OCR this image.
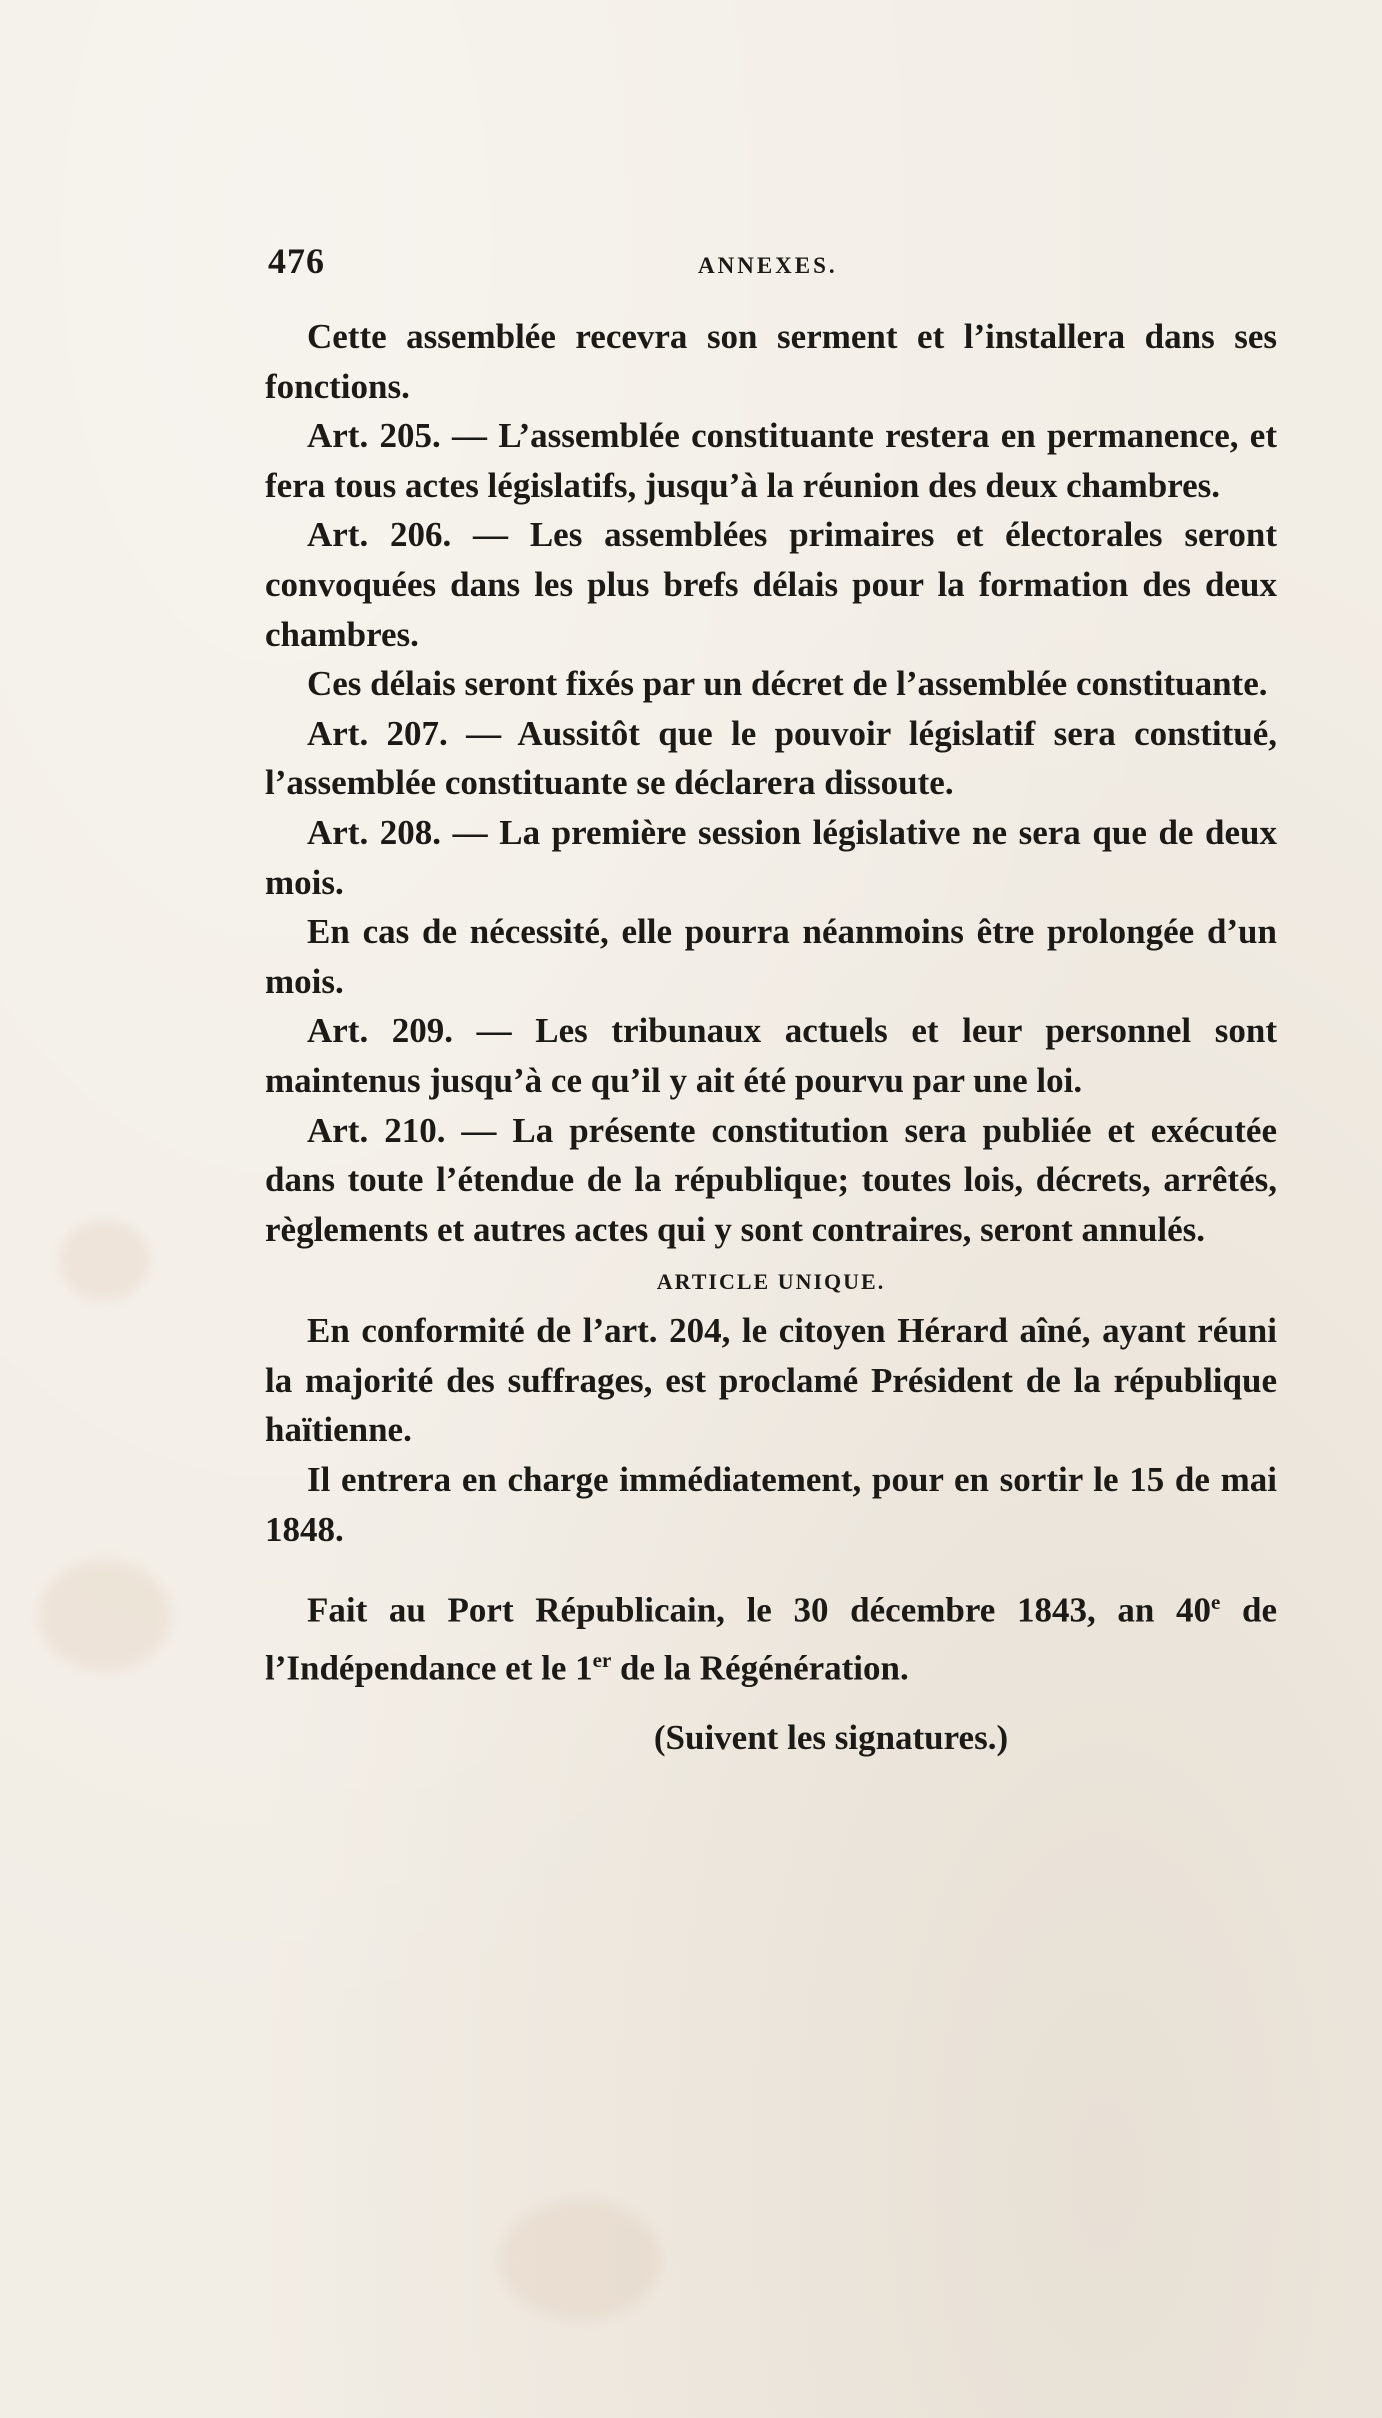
476	ANNEXES.

Cette assemblée recevra son serment et l’installera dans ses fonctions.

Art. 205. — L’assemblée constituante restera en permanence, et fera tous actes législatifs, jusqu’à la réunion des deux chambres.

Art. 206. — Les assemblées primaires et électorales seront convoquées dans les plus brefs délais pour la formation des deux chambres.

Ces délais seront fixés par un décret de l’assemblée constituante.

Art. 207. — Aussitôt que le pouvoir législatif sera constitué, l’assemblée constituante se déclarera dissoute.

Art. 208. — La première session législative ne sera que de deux mois.

En cas de nécessité, elle pourra néanmoins être prolongée d’un mois.

Art. 209. — Les tribunaux actuels et leur personnel sont maintenus jusqu’à ce qu’il y ait été pourvu par une loi.

Art. 210. — La présente constitution sera publiée et exécutée dans toute l’étendue de la république; toutes lois, décrets, arrêtés, règlements et autres actes qui y sont contraires, seront annulés.

ARTICLE UNIQUE.

En conformité de l’art. 204, le citoyen Hérard aîné, ayant réuni la majorité des suffrages, est proclamé Président de la république haïtienne.

Il entrera en charge immédiatement, pour en sortir le 15 de mai 1848.

Fait au Port Républicain, le 30 décembre 1843, an 40e de l’Indépendance et le 1er de la Régénération.

(Suivent les signatures.)
